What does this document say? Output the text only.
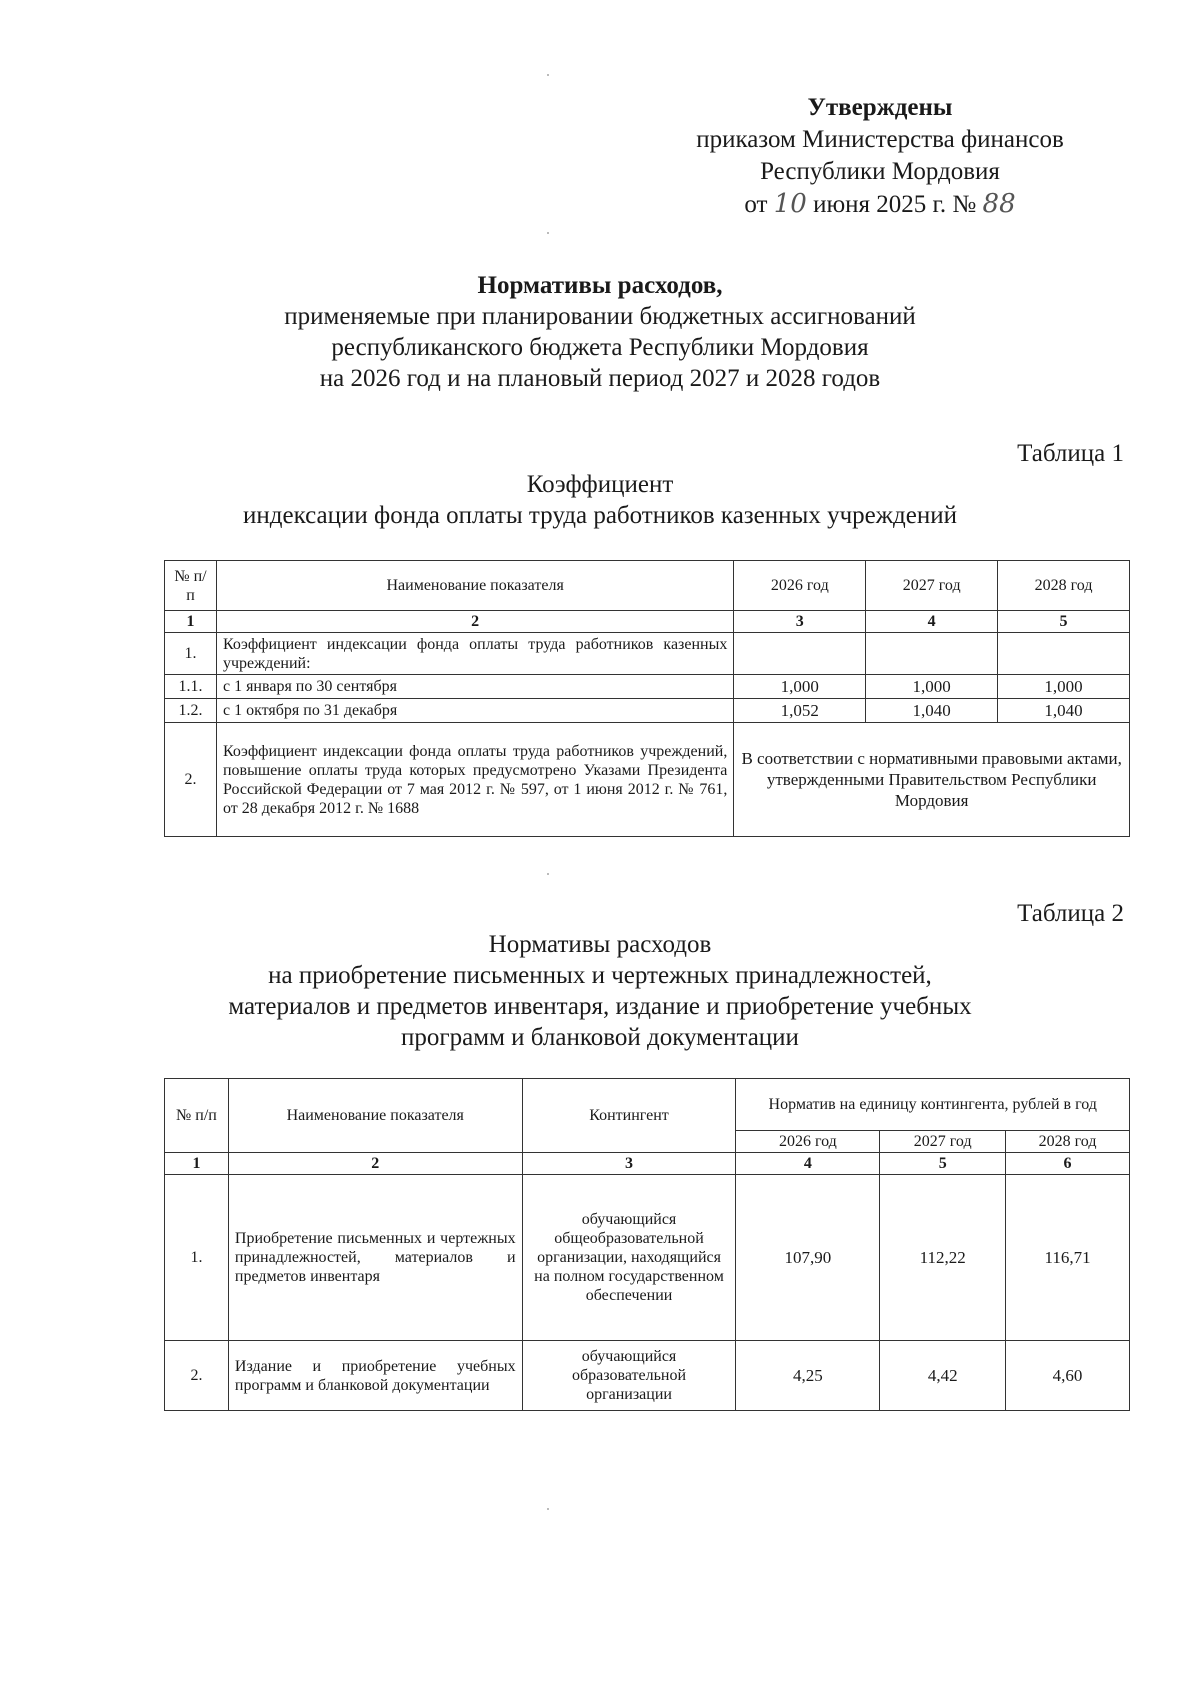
Утверждены
приказом Министерства финансов
Республики Мордовия
от 10 июня 2025 г. № 88
Нормативы расходов,
применяемые при планировании бюджетных ассигнований
республиканского бюджета Республики Мордовия
на 2026 год и на плановый период 2027 и 2028 годов
Таблица 1
Коэффициент
индексации фонда оплаты труда работников казенных учреждений
№ п/п	Наименование показателя	2026 год	2027 год	2028 год
1	2	3	4	5
1.	Коэффициент индексации фонда оплаты труда работников казенных учреждений:			
1.1.	с 1 января по 30 сентября	1,000	1,000	1,000
1.2.	с 1 октября по 31 декабря	1,052	1,040	1,040
2.	Коэффициент индексации фонда оплаты труда работников учреждений, повышение оплаты труда которых предусмотрено Указами Президента Российской Федерации от 7 мая 2012 г. № 597, от 1 июня 2012 г. № 761, от 28 декабря 2012 г. № 1688	В соответствии с нормативными правовыми актами, утвержденными Правительством Республики Мордовия		
Таблица 2
Нормативы расходов
на приобретение письменных и чертежных принадлежностей,
материалов и предметов инвентаря, издание и приобретение учебных
программ и бланковой документации
№ п/п	Наименование показателя	Контингент	Норматив на единицу контингента, рублей в год		
			2026 год	2027 год	2028 год
1	2	3	4	5	6
1.	Приобретение письменных и чертежных принадлежностей, материалов и предметов инвентаря	обучающийся общеобразовательной организации, находящийся на полном государственном обеспечении	107,90	112,22	116,71
2.	Издание и приобретение учебных программ и бланковой документации	обучающийся образовательной организации	4,25	4,42	4,60
